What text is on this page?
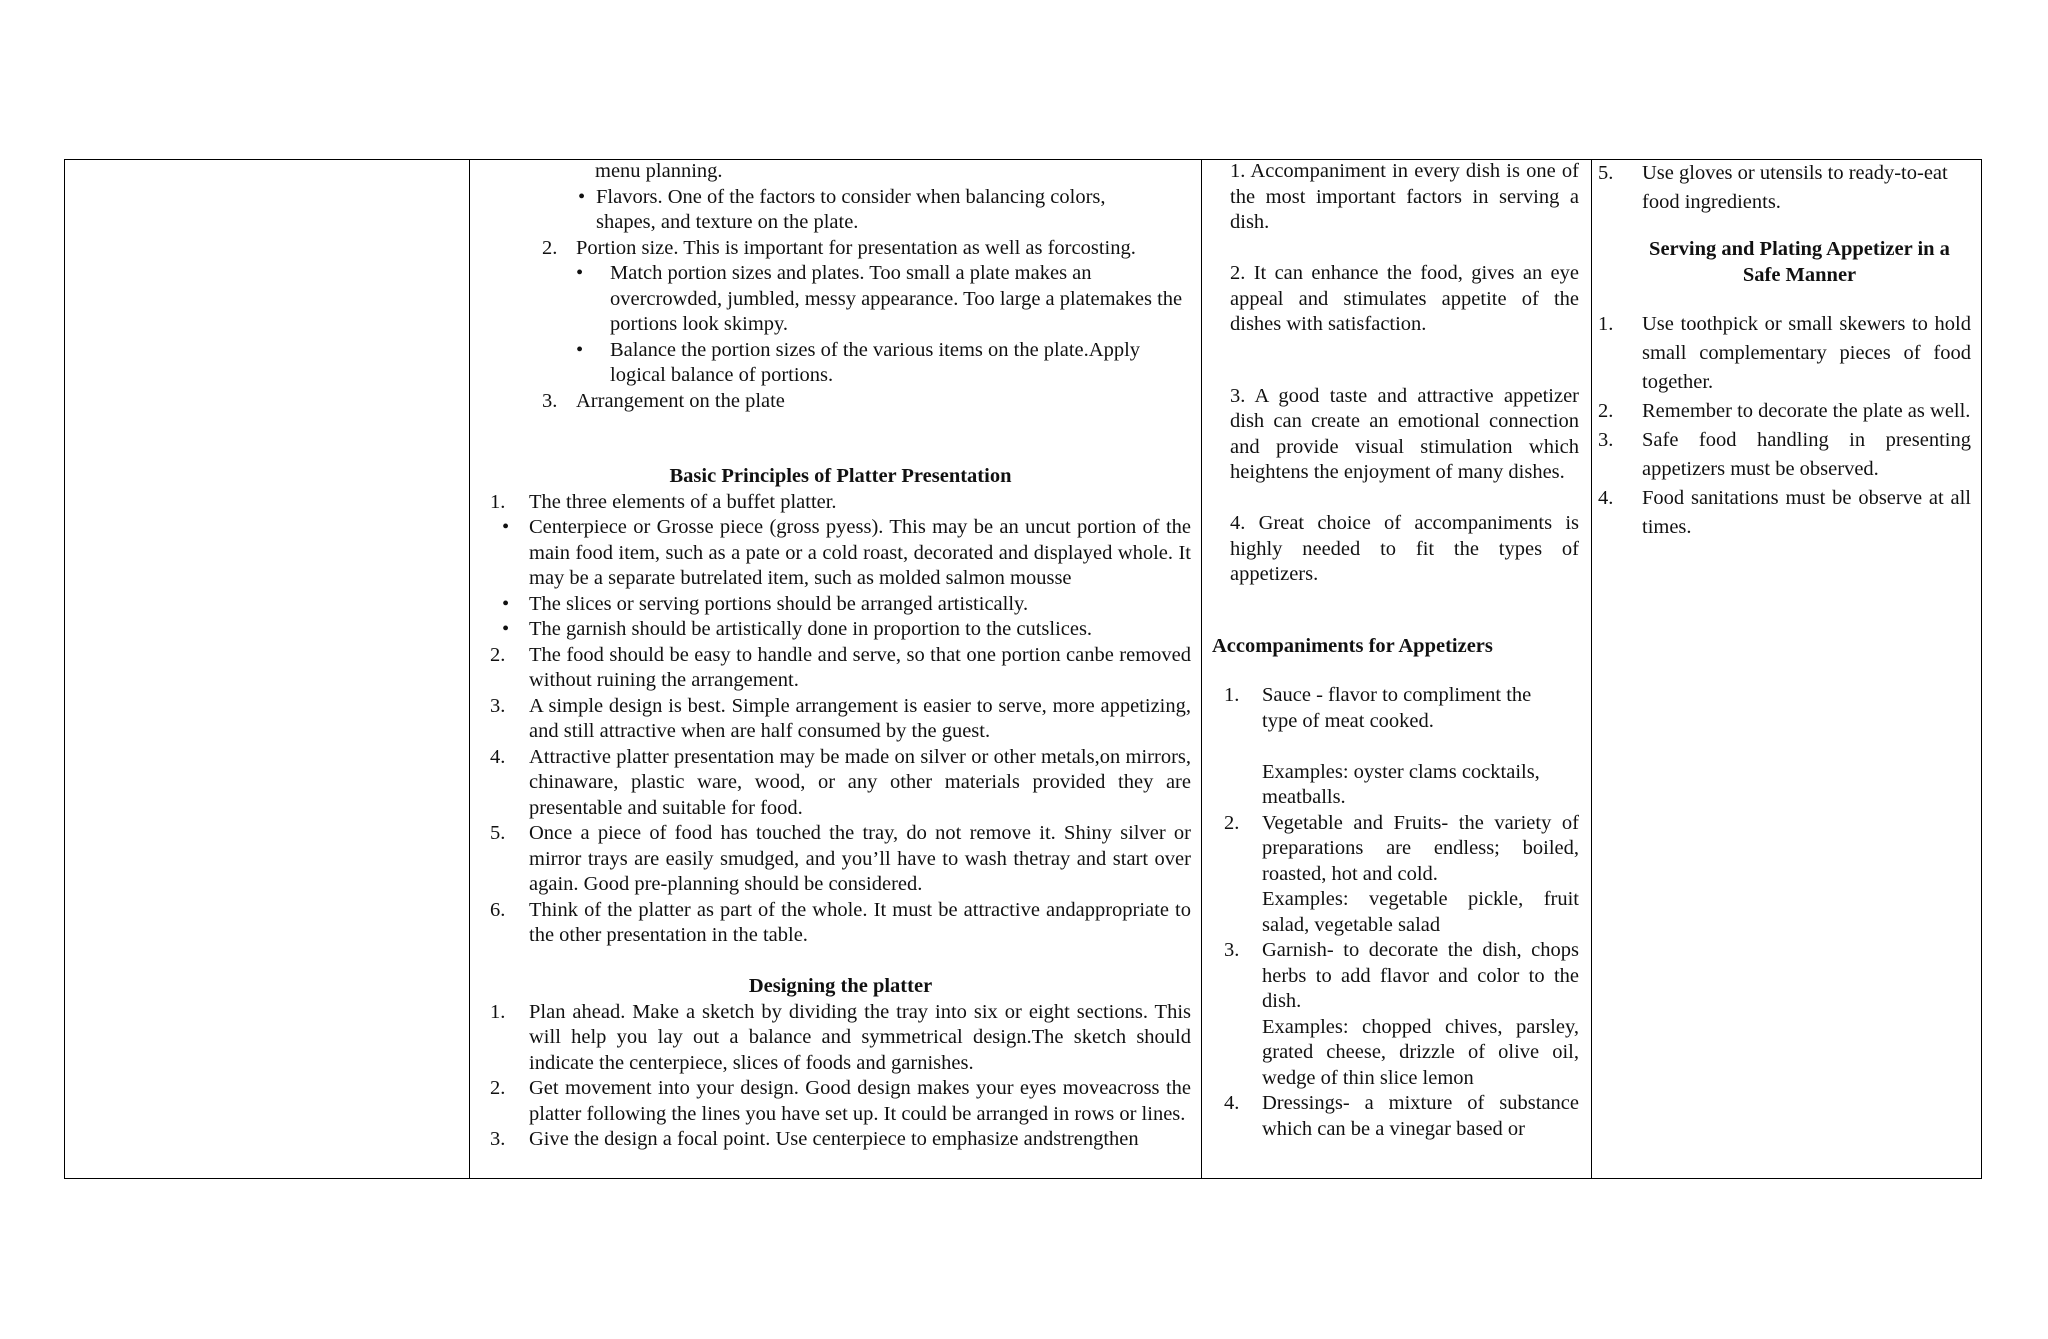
menu planning.
• Flavors. One of the factors to consider when balancing colors, shapes, and texture on the plate.
2. Portion size. This is important for presentation as well as forcosting.
•	Match portion sizes and plates. Too small a plate makes an overcrowded, jumbled, messy appearance. Too large a platemakes the portions look skimpy.
•	Balance the portion sizes of the various items on the plate.Apply logical balance of portions.
3. Arrangement on the plate
Basic Principles of Platter Presentation
1.	The three elements of a buffet platter.
• Centerpiece or Grosse piece (gross pyess). This may be an uncut portion of the main food item, such as a pate or a cold roast, decorated and displayed whole. It may be a separate butrelated item, such as molded salmon mousse
• The slices or serving portions should be arranged artistically.
• The garnish should be artistically done in proportion to the cutslices.
2.	The food should be easy to handle and serve, so that one portion canbe removed without ruining the arrangement.
3.	A simple design is best. Simple arrangement is easier to serve, more appetizing, and still attractive when are half consumed by the guest.
4.	Attractive platter presentation may be made on silver or other metals,on mirrors, chinaware, plastic ware, wood, or any other materials provided they are presentable and suitable for food.
5.	Once a piece of food has touched the tray, do not remove it. Shiny silver or mirror trays are easily smudged, and you’ll have to wash thetray and start over again. Good pre-planning should be considered.
6.	Think of the platter as part of the whole. It must be attractive andappropriate to the other presentation in the table.
Designing the platter
1.	Plan ahead. Make a sketch by dividing the tray into six or eight sections. This will help you lay out a balance and symmetrical design.The sketch should indicate the centerpiece, slices of foods and garnishes.
2.	Get movement into your design. Good design makes your eyes moveacross the platter following the lines you have set up. It could be arranged in rows or lines.
3.	Give the design a focal point. Use centerpiece to emphasize andstrengthen
1. Accompaniment in every dish is one of the most important factors in serving a dish.
2. It can enhance the food, gives an eye appeal and stimulates appetite of the dishes with satisfaction.
3. A good taste and attractive appetizer dish can create an emotional connection and provide visual stimulation which heightens the enjoyment of many dishes.
4. Great choice of accompaniments is highly needed to fit the types of appetizers.
Accompaniments for Appetizers
1.	Sauce - flavor to compliment the type of meat cooked.
Examples: oyster clams cocktails, meatballs.
2.	Vegetable and Fruits- the variety of preparations are endless; boiled, roasted, hot and cold.
Examples: vegetable pickle, fruit salad, vegetable salad
3.	Garnish- to decorate the dish, chops herbs to add flavor and color to the dish.
Examples: chopped chives, parsley, grated cheese, drizzle of olive oil, wedge of thin slice lemon
4.	Dressings- a mixture of substance which can be a vinegar based or
5.	Use gloves or utensils to ready-to-eat food ingredients.
Serving and Plating Appetizer in a Safe Manner
1.	Use toothpick or small skewers to hold small complementary pieces of food together.
2.	Remember to decorate the plate as well.
3.	Safe food handling in presenting appetizers must be observed.
4.	Food sanitations must be observe at all times.
